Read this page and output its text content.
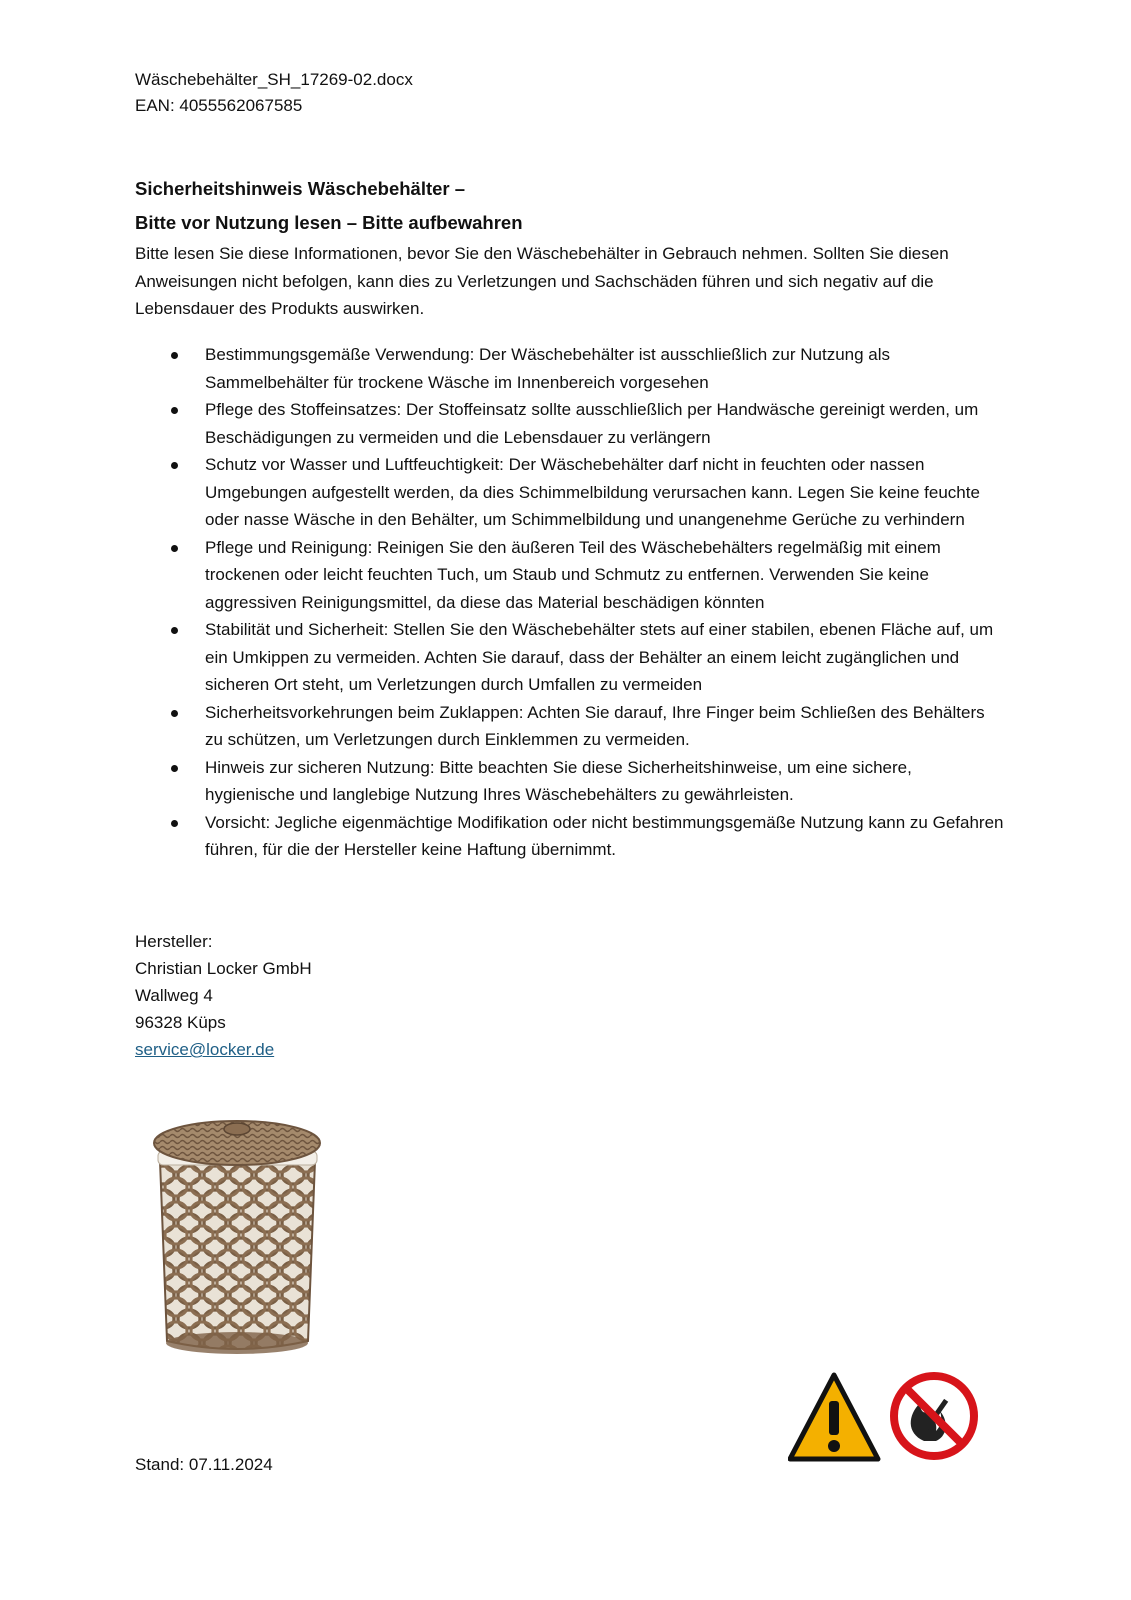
Wäschebehälter_SH_17269-02.docx
EAN: 4055562067585
Sicherheitshinweis Wäschebehälter –
Bitte vor Nutzung lesen – Bitte aufbewahren
Bitte lesen Sie diese Informationen, bevor Sie den Wäschebehälter in Gebrauch nehmen. Sollten Sie diesen Anweisungen nicht befolgen, kann dies zu Verletzungen und Sachschäden führen und sich negativ auf die Lebensdauer des Produkts auswirken.
Bestimmungsgemäße Verwendung: Der Wäschebehälter ist ausschließlich zur Nutzung als Sammelbehälter für trockene Wäsche im Innenbereich vorgesehen
Pflege des Stoffeinsatzes: Der Stoffeinsatz sollte ausschließlich per Handwäsche gereinigt werden, um Beschädigungen zu vermeiden und die Lebensdauer zu verlängern
Schutz vor Wasser und Luftfeuchtigkeit: Der Wäschebehälter darf nicht in feuchten oder nassen Umgebungen aufgestellt werden, da dies Schimmelbildung verursachen kann. Legen Sie keine feuchte oder nasse Wäsche in den Behälter, um Schimmelbildung und unangenehme Gerüche zu verhindern
Pflege und Reinigung: Reinigen Sie den äußeren Teil des Wäschebehälters regelmäßig mit einem trockenen oder leicht feuchten Tuch, um Staub und Schmutz zu entfernen. Verwenden Sie keine aggressiven Reinigungsmittel, da diese das Material beschädigen könnten
Stabilität und Sicherheit: Stellen Sie den Wäschebehälter stets auf einer stabilen, ebenen Fläche auf, um ein Umkippen zu vermeiden. Achten Sie darauf, dass der Behälter an einem leicht zugänglichen und sicheren Ort steht, um Verletzungen durch Umfallen zu vermeiden
Sicherheitsvorkehrungen beim Zuklappen: Achten Sie darauf, Ihre Finger beim Schließen des Behälters zu schützen, um Verletzungen durch Einklemmen zu vermeiden.
Hinweis zur sicheren Nutzung: Bitte beachten Sie diese Sicherheitshinweise, um eine sichere, hygienische und langlebige Nutzung Ihres Wäschebehälters zu gewährleisten.
Vorsicht: Jegliche eigenmächtige Modifikation oder nicht bestimmungsgemäße Nutzung kann zu Gefahren führen, für die der Hersteller keine Haftung übernimmt.
Hersteller:
Christian Locker GmbH
Wallweg 4
96328 Küps
service@locker.de
Stand: 07.11.2024
